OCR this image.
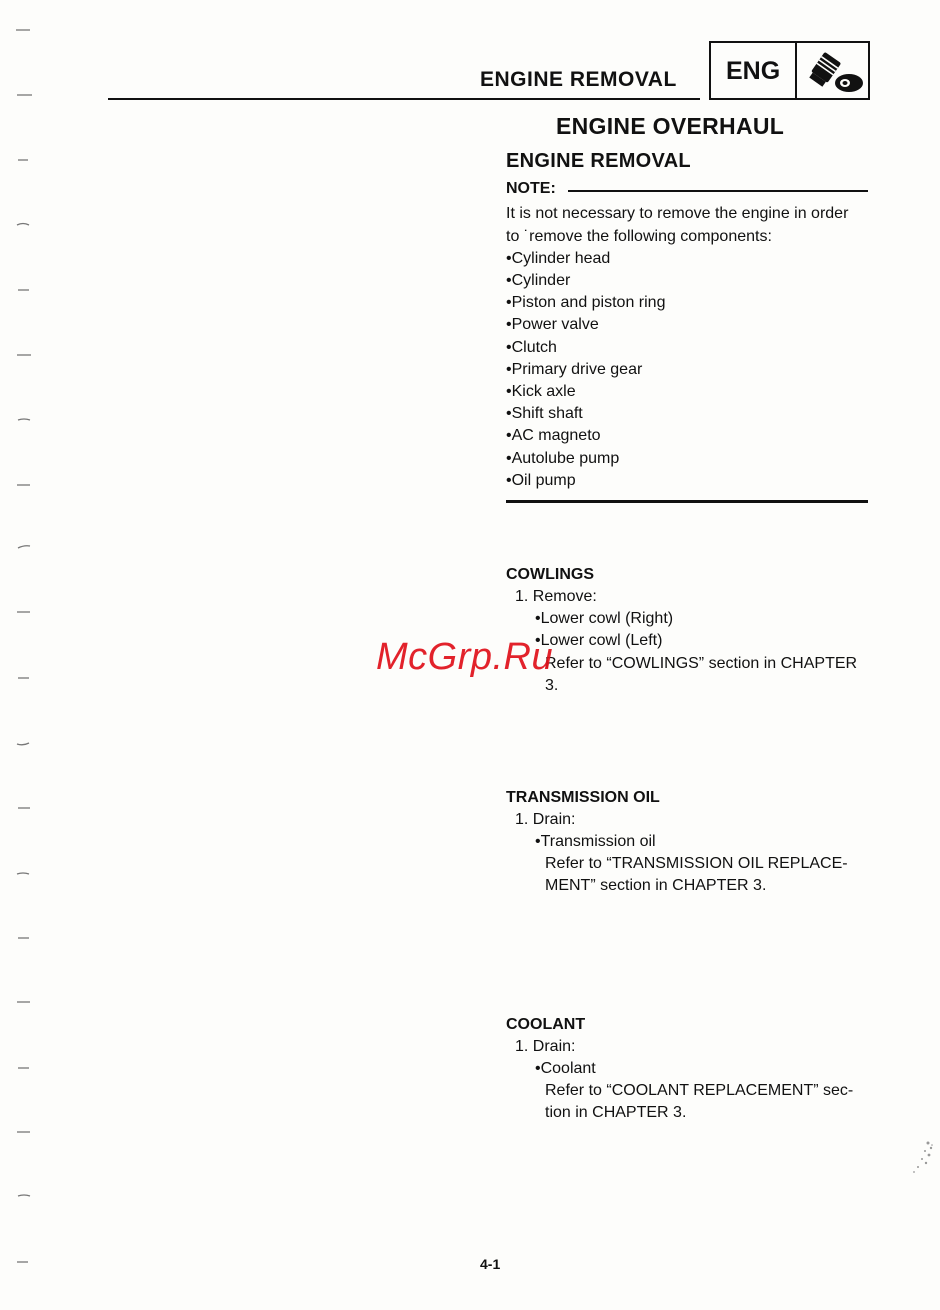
ENGINE REMOVAL ENG
ENGINE OVERHAUL
ENGINE REMOVAL
NOTE:
It is not necessary to remove the engine in order
to ˙remove the following components:
•Cylinder head
•Cylinder
•Piston and piston ring
•Power valve
•Clutch
•Primary drive gear
•Kick axle
•Shift shaft
•AC magneto
•Autolube pump
•Oil pump
COWLINGS
1. Remove:
•Lower cowl (Right)
•Lower cowl (Left)
Refer to “COWLINGS” section in CHAPTER
3.
TRANSMISSION OIL
1. Drain:
•Transmission oil
Refer to “TRANSMISSION OIL REPLACE-
MENT” section in CHAPTER 3.
COOLANT
1. Drain:
•Coolant
Refer to “COOLANT REPLACEMENT” sec-
tion in CHAPTER 3.
McGrp.Ru
4-1
